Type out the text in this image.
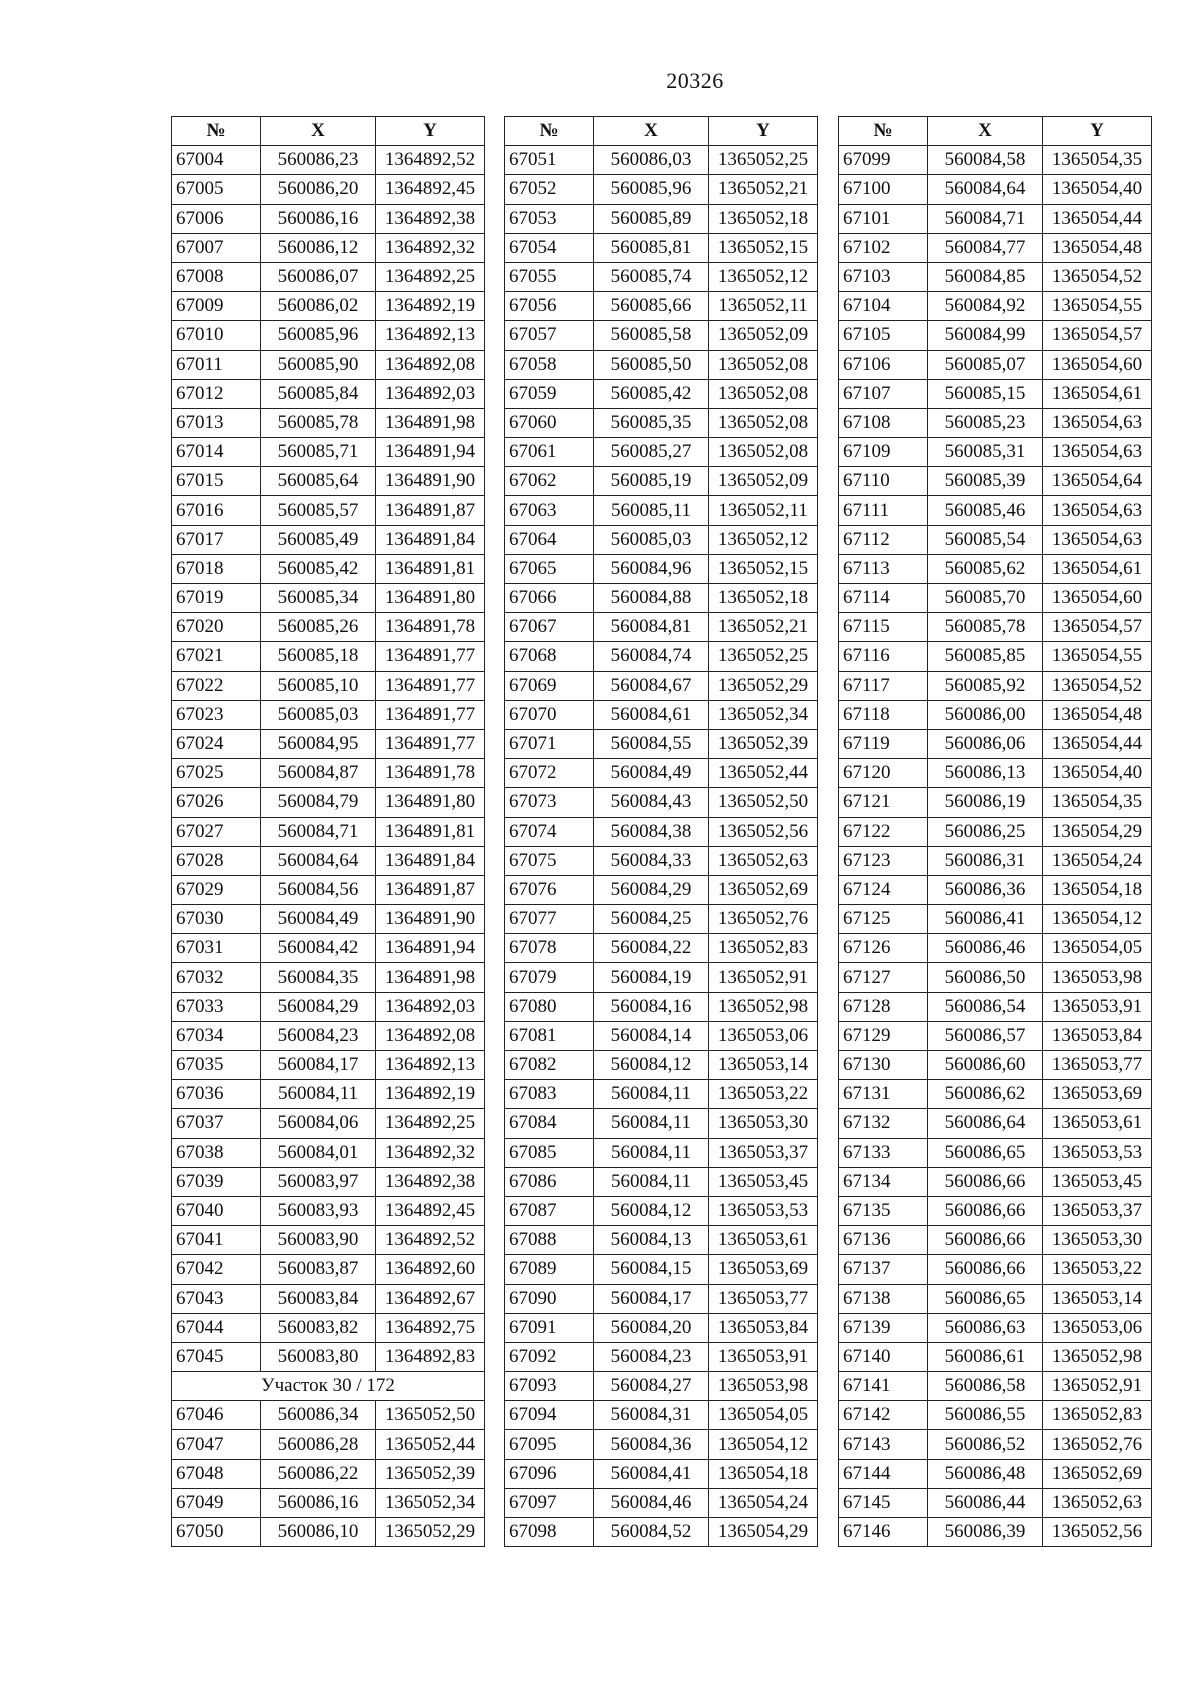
20326
№	X	Y
67004	560086,23	1364892,52
67005	560086,20	1364892,45
67006	560086,16	1364892,38
67007	560086,12	1364892,32
67008	560086,07	1364892,25
67009	560086,02	1364892,19
67010	560085,96	1364892,13
67011	560085,90	1364892,08
67012	560085,84	1364892,03
67013	560085,78	1364891,98
67014	560085,71	1364891,94
67015	560085,64	1364891,90
67016	560085,57	1364891,87
67017	560085,49	1364891,84
67018	560085,42	1364891,81
67019	560085,34	1364891,80
67020	560085,26	1364891,78
67021	560085,18	1364891,77
67022	560085,10	1364891,77
67023	560085,03	1364891,77
67024	560084,95	1364891,77
67025	560084,87	1364891,78
67026	560084,79	1364891,80
67027	560084,71	1364891,81
67028	560084,64	1364891,84
67029	560084,56	1364891,87
67030	560084,49	1364891,90
67031	560084,42	1364891,94
67032	560084,35	1364891,98
67033	560084,29	1364892,03
67034	560084,23	1364892,08
67035	560084,17	1364892,13
67036	560084,11	1364892,19
67037	560084,06	1364892,25
67038	560084,01	1364892,32
67039	560083,97	1364892,38
67040	560083,93	1364892,45
67041	560083,90	1364892,52
67042	560083,87	1364892,60
67043	560083,84	1364892,67
67044	560083,82	1364892,75
67045	560083,80	1364892,83
Участок 30 / 172		
67046	560086,34	1365052,50
67047	560086,28	1365052,44
67048	560086,22	1365052,39
67049	560086,16	1365052,34
67050	560086,10	1365052,29
№	X	Y
67051	560086,03	1365052,25
67052	560085,96	1365052,21
67053	560085,89	1365052,18
67054	560085,81	1365052,15
67055	560085,74	1365052,12
67056	560085,66	1365052,11
67057	560085,58	1365052,09
67058	560085,50	1365052,08
67059	560085,42	1365052,08
67060	560085,35	1365052,08
67061	560085,27	1365052,08
67062	560085,19	1365052,09
67063	560085,11	1365052,11
67064	560085,03	1365052,12
67065	560084,96	1365052,15
67066	560084,88	1365052,18
67067	560084,81	1365052,21
67068	560084,74	1365052,25
67069	560084,67	1365052,29
67070	560084,61	1365052,34
67071	560084,55	1365052,39
67072	560084,49	1365052,44
67073	560084,43	1365052,50
67074	560084,38	1365052,56
67075	560084,33	1365052,63
67076	560084,29	1365052,69
67077	560084,25	1365052,76
67078	560084,22	1365052,83
67079	560084,19	1365052,91
67080	560084,16	1365052,98
67081	560084,14	1365053,06
67082	560084,12	1365053,14
67083	560084,11	1365053,22
67084	560084,11	1365053,30
67085	560084,11	1365053,37
67086	560084,11	1365053,45
67087	560084,12	1365053,53
67088	560084,13	1365053,61
67089	560084,15	1365053,69
67090	560084,17	1365053,77
67091	560084,20	1365053,84
67092	560084,23	1365053,91
67093	560084,27	1365053,98
67094	560084,31	1365054,05
67095	560084,36	1365054,12
67096	560084,41	1365054,18
67097	560084,46	1365054,24
67098	560084,52	1365054,29
№	X	Y
67099	560084,58	1365054,35
67100	560084,64	1365054,40
67101	560084,71	1365054,44
67102	560084,77	1365054,48
67103	560084,85	1365054,52
67104	560084,92	1365054,55
67105	560084,99	1365054,57
67106	560085,07	1365054,60
67107	560085,15	1365054,61
67108	560085,23	1365054,63
67109	560085,31	1365054,63
67110	560085,39	1365054,64
67111	560085,46	1365054,63
67112	560085,54	1365054,63
67113	560085,62	1365054,61
67114	560085,70	1365054,60
67115	560085,78	1365054,57
67116	560085,85	1365054,55
67117	560085,92	1365054,52
67118	560086,00	1365054,48
67119	560086,06	1365054,44
67120	560086,13	1365054,40
67121	560086,19	1365054,35
67122	560086,25	1365054,29
67123	560086,31	1365054,24
67124	560086,36	1365054,18
67125	560086,41	1365054,12
67126	560086,46	1365054,05
67127	560086,50	1365053,98
67128	560086,54	1365053,91
67129	560086,57	1365053,84
67130	560086,60	1365053,77
67131	560086,62	1365053,69
67132	560086,64	1365053,61
67133	560086,65	1365053,53
67134	560086,66	1365053,45
67135	560086,66	1365053,37
67136	560086,66	1365053,30
67137	560086,66	1365053,22
67138	560086,65	1365053,14
67139	560086,63	1365053,06
67140	560086,61	1365052,98
67141	560086,58	1365052,91
67142	560086,55	1365052,83
67143	560086,52	1365052,76
67144	560086,48	1365052,69
67145	560086,44	1365052,63
67146	560086,39	1365052,56
